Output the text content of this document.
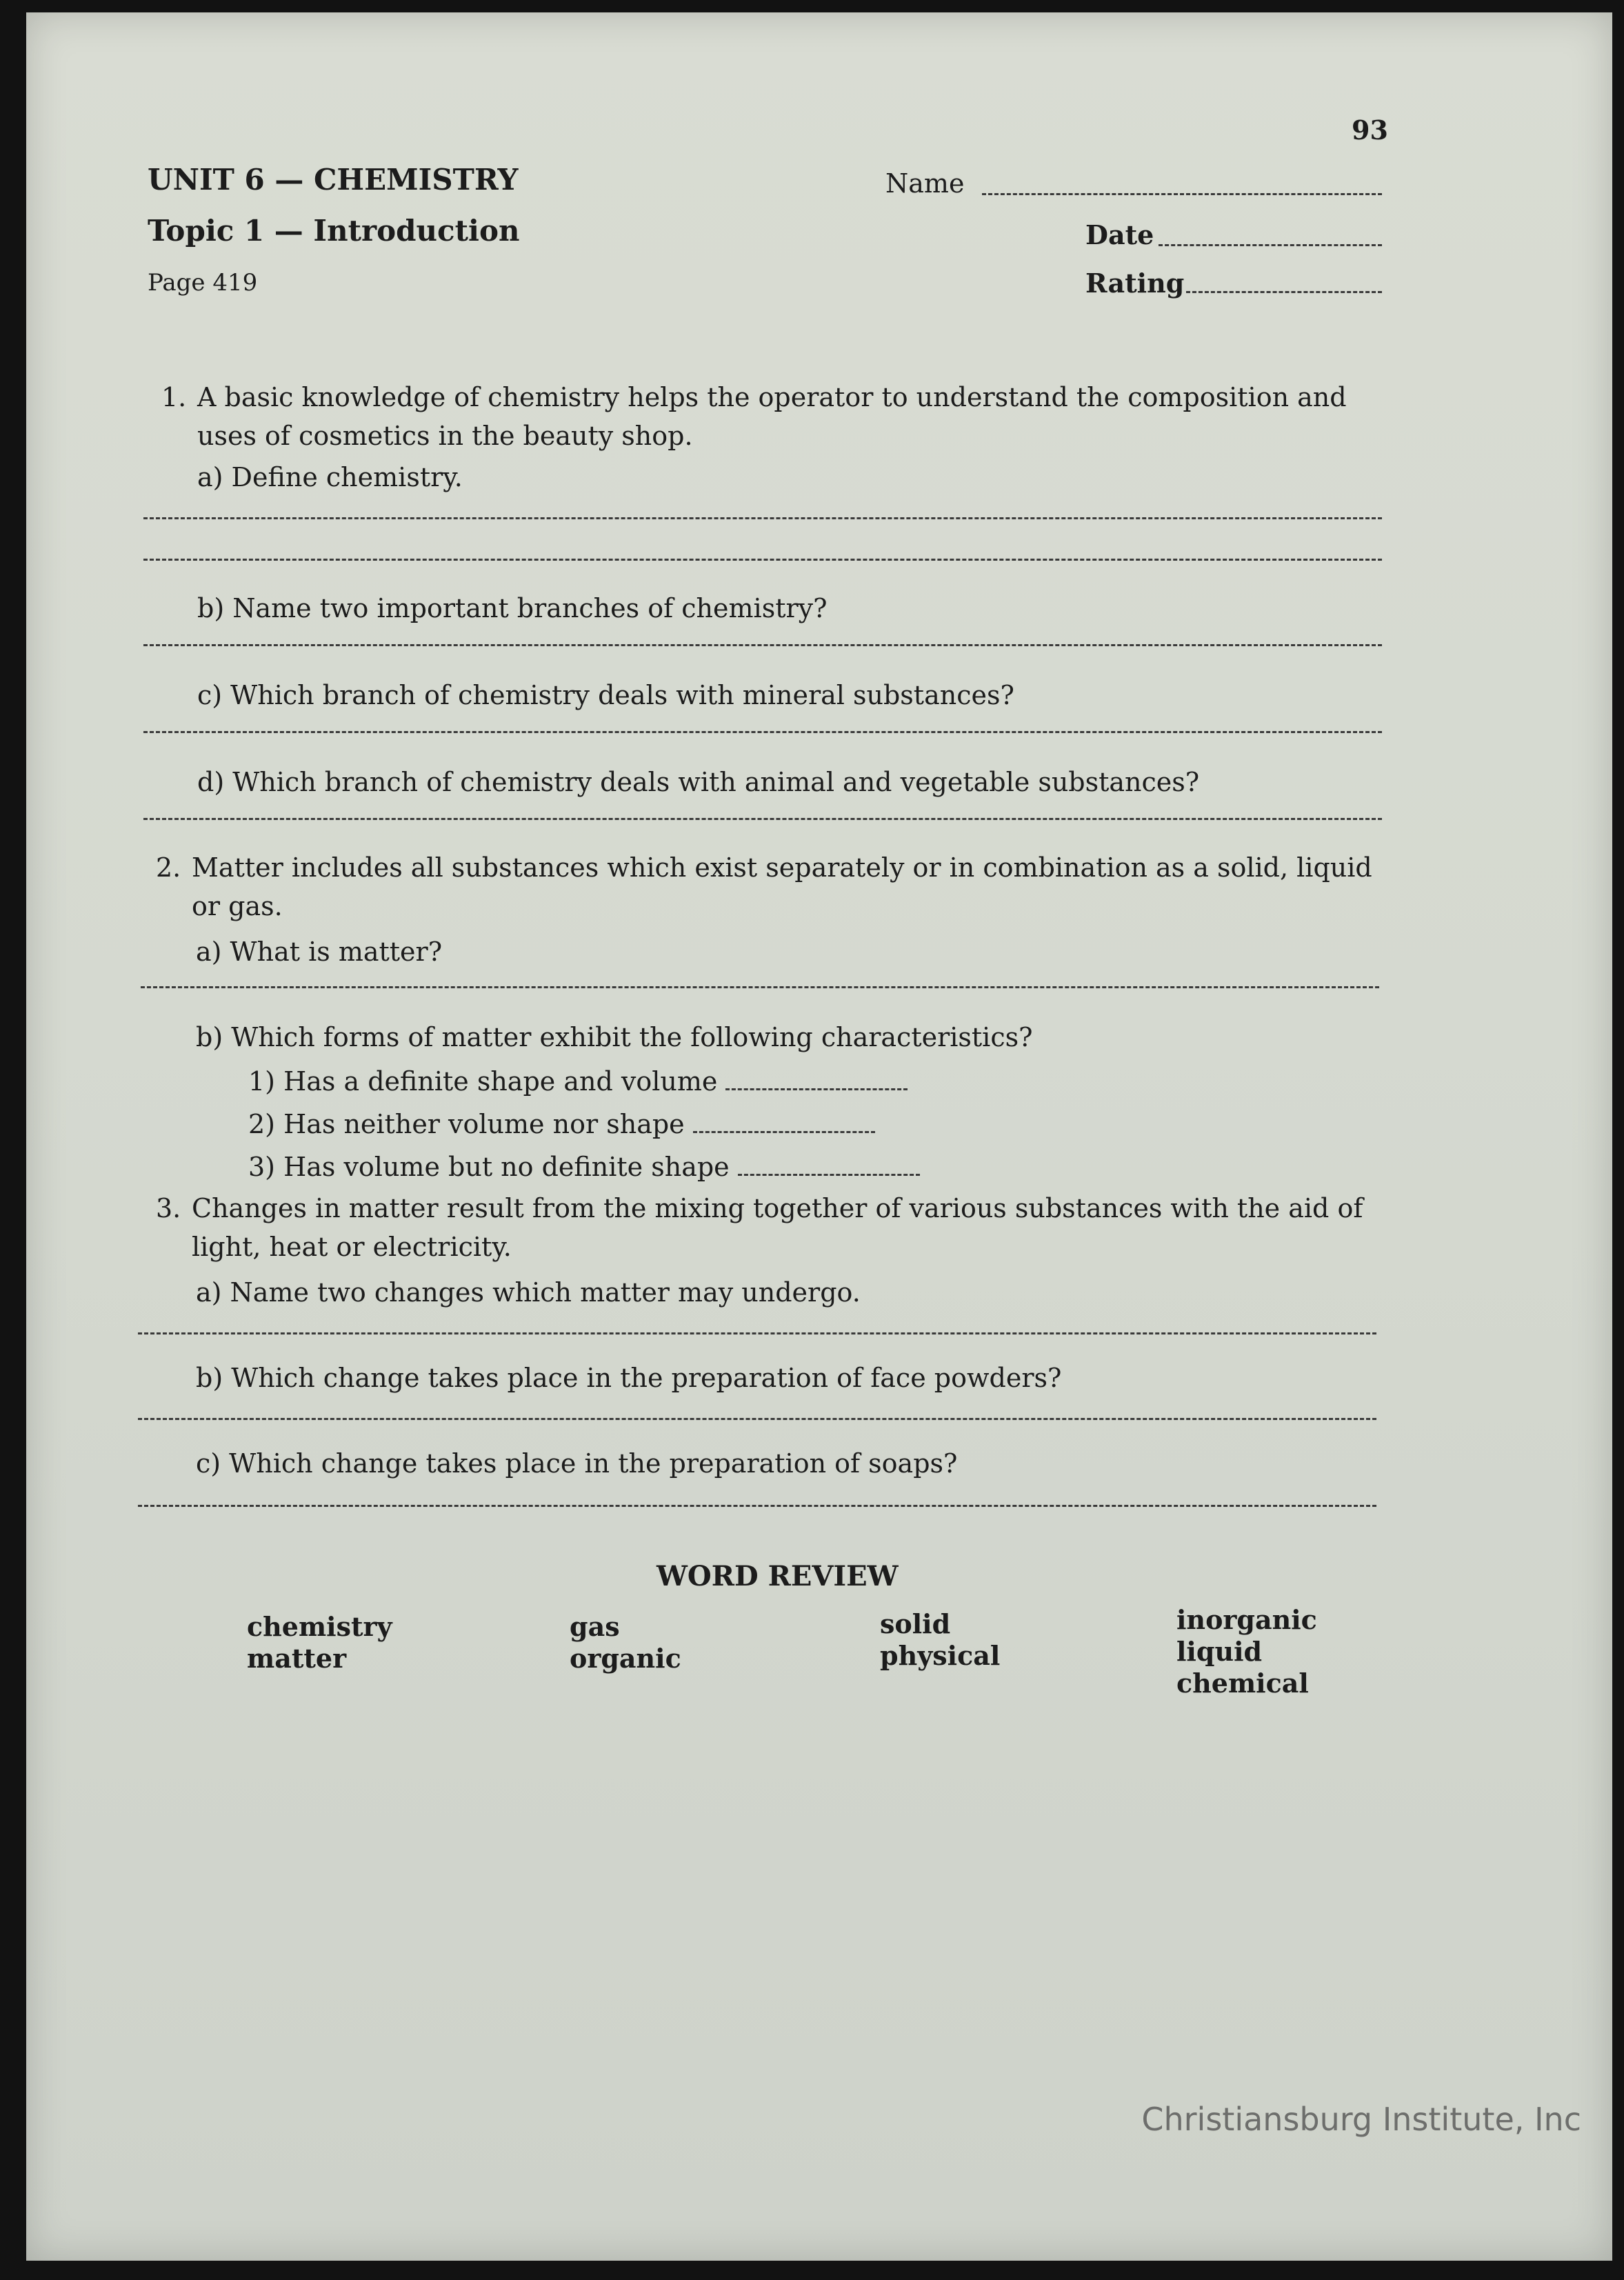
93
UNIT 6 — CHEMISTRY
Topic 1 — Introduction
Page 419
Name
Date
Rating
1. A basic knowledge of chemistry helps the operator to understand the composition and uses of cosmetics in the beauty shop.
a) Define chemistry.
b) Name two important branches of chemistry?
c) Which branch of chemistry deals with mineral substances?
d) Which branch of chemistry deals with animal and vegetable substances?
2. Matter includes all substances which exist separately or in combination as a solid, liquid or gas.
a) What is matter?
b) Which forms of matter exhibit the following characteristics?
1) Has a definite shape and volume
2) Has neither volume nor shape
3) Has volume but no definite shape
3. Changes in matter result from the mixing together of various substances with the aid of light, heat or electricity.
a) Name two changes which matter may undergo.
b) Which change takes place in the preparation of face powders?
c) Which change takes place in the preparation of soaps?
WORD REVIEW
chemistry
matter
gas
organic
solid
physical
inorganic
liquid
chemical
Christiansburg Institute, Inc
